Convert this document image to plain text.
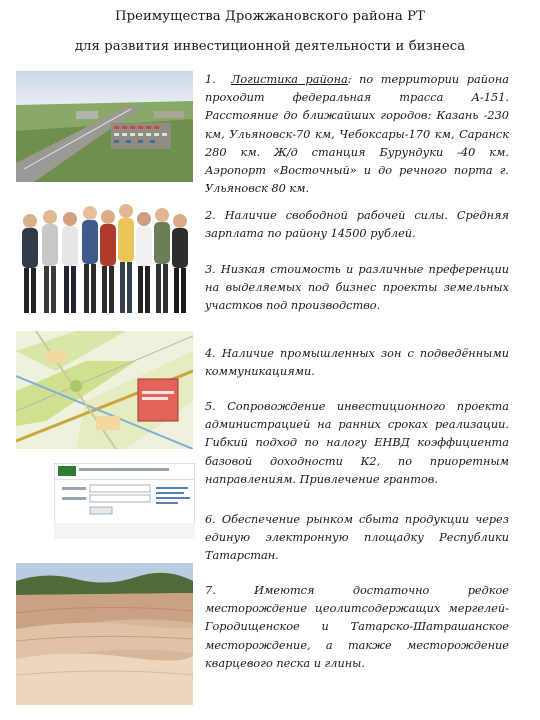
Преимущества Дрожжановского района РТ
для развития инвестиционной деятельности и бизнеса
1. Логистика района: по территории района проходит федеральная трасса А-151. Расстояние до ближайших городов: Казань -230 км, Ульяновск-70 км, Чебоксары-170 км, Саранск 280 км. Ж/д станция Бурундуки -40 км. Аэропорт «Восточный» и до речного порта г. Ульяновск 80 км.
2. Наличие свободной рабочей силы. Средняя зарплата по району 14500 рублей.
3. Низкая стоимость и различные преференции на выделяемых под бизнес проекты земельных участков под производство.
4. Наличие промышленных зон с подведёнными коммуникациями.
5. Сопровождение инвестиционного проекта администрацией на ранних сроках реализации. Гибкий подход по налогу ЕНВД коэффициента базовой доходности К2, по приоретным направлениям. Привлечение грантов.
6. Обеспечение рынком сбыта продукции через единую электронную площадку Республики Татарстан.
7. Имеются достаточно редкое месторождение цеолитсодержащих мергелей- Городищенское и Татарско-Шатрашанское месторождение, а также месторождение кварцевого песка и глины.
